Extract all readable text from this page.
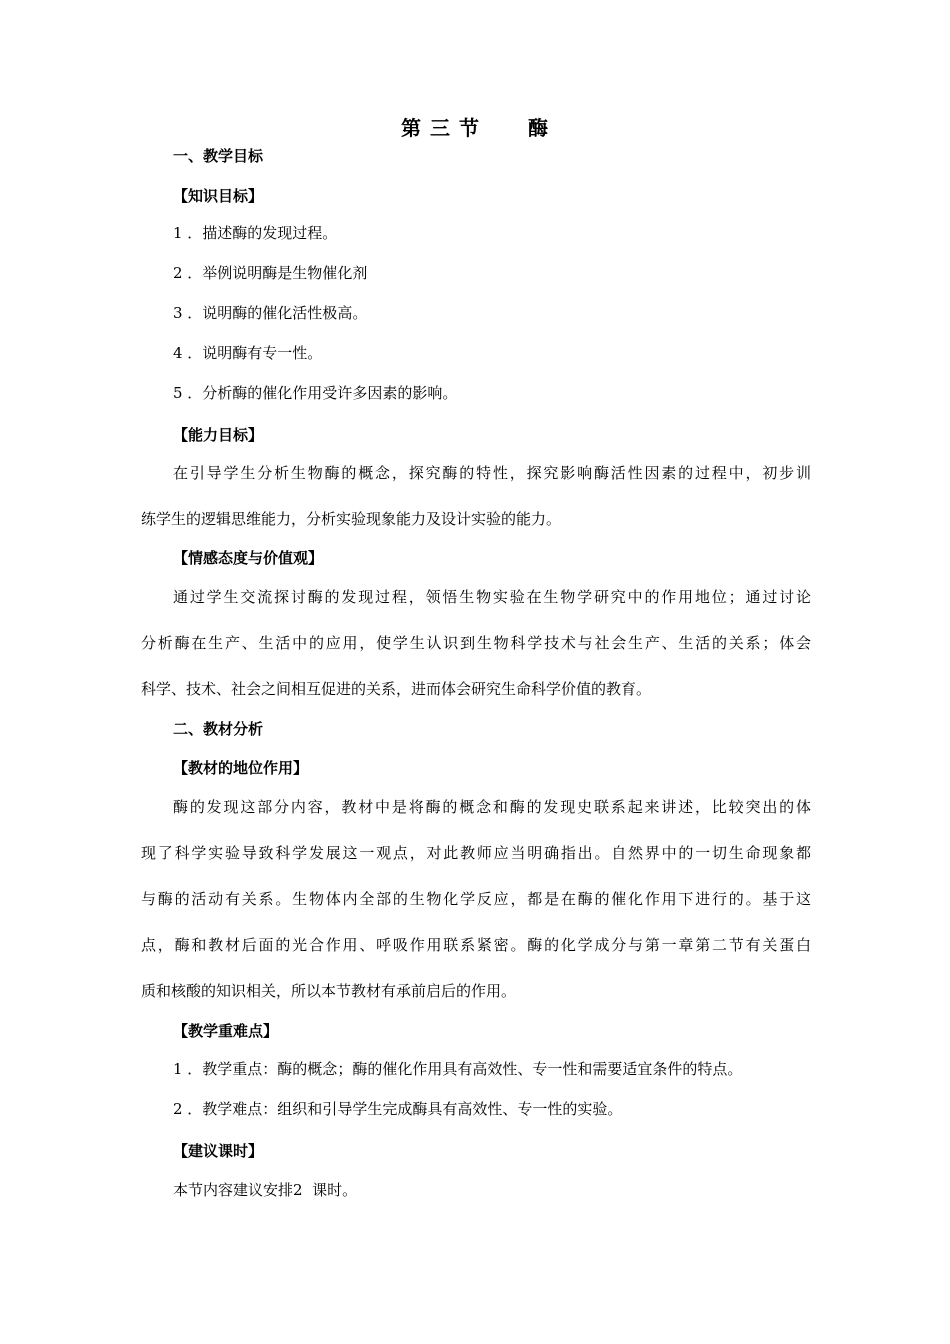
第 三 节 酶
一、教学目标
【知识目标】
1 ．描述酶的发现过程。
2 ．举例说明酶是生物催化剂
3 ．说明酶的催化活性极高。
4 ．说明酶有专一性。
5 ．分析酶的催化作用受许多因素的影响。
【能力目标】
在引导学生分析生物酶的概念，探究酶的特性，探究影响酶活性因素的过程中，初步训
练学生的逻辑思维能力，分析实验现象能力及设计实验的能力。
【情感态度与价值观】
通过学生交流探讨酶的发现过程，领悟生物实验在生物学研究中的作用地位；通过讨论
分析酶在生产、生活中的应用，使学生认识到生物科学技术与社会生产、生活的关系；体会
科学、技术、社会之间相互促进的关系，进而体会研究生命科学价值的教育。
二、教材分析
【教材的地位作用】
酶的发现这部分内容，教材中是将酶的概念和酶的发现史联系起来讲述，比较突出的体
现了科学实验导致科学发展这一观点，对此教师应当明确指出。自然界中的一切生命现象都
与酶的活动有关系。生物体内全部的生物化学反应，都是在酶的催化作用下进行的。基于这
点，酶和教材后面的光合作用、呼吸作用联系紧密。酶的化学成分与第一章第二节有关蛋白
质和核酸的知识相关，所以本节教材有承前启后的作用。
【教学重难点】
1 ．教学重点：酶的概念；酶的催化作用具有高效性、专一性和需要适宜条件的特点。
2 ．教学难点：组织和引导学生完成酶具有高效性、专一性的实验。
【建议课时】
本节内容建议安排2  课时。
